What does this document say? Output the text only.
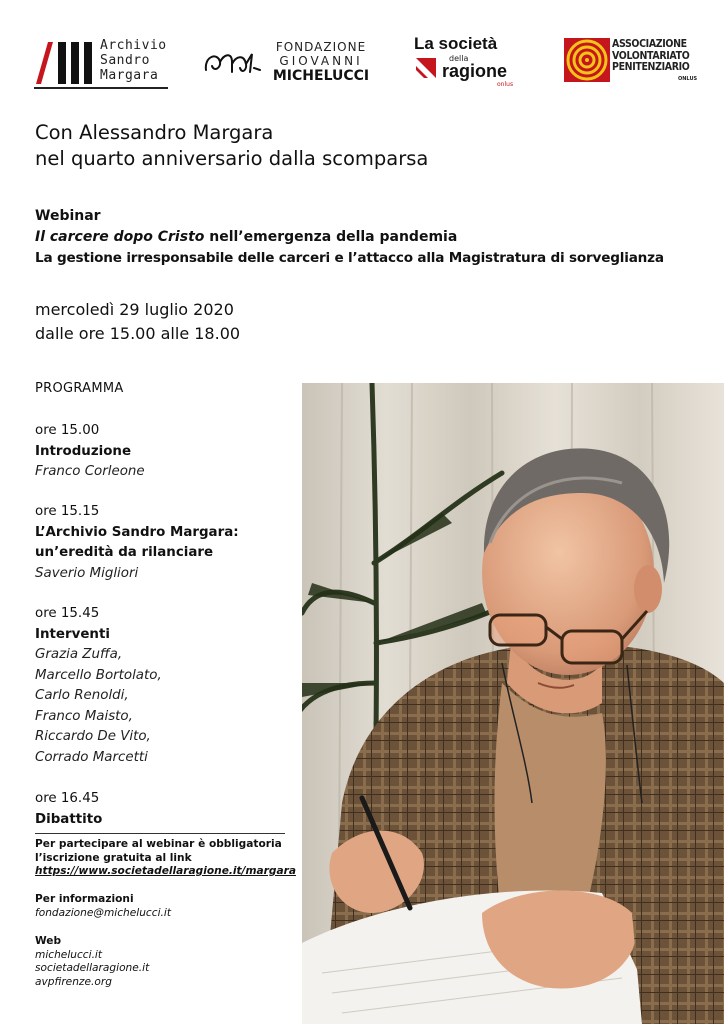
Archivio
Sandro
Margara
FONDAZIONE
GIOVANNI
MICHELUCCI
La società
della
ragione
onlus
ASSOCIAZIONE
VOLONTARIATO
PENITENZIARIO
ONLUS
Con Alessandro Margara
nel quarto anniversario dalla scomparsa
Webinar
Il carcere dopo Cristo nell’emergenza della pandemia
La gestione irresponsabile delle carceri e l’attacco alla Magistratura di sorveglianza
mercoledì 29 luglio 2020
dalle ore 15.00 alle 18.00
PROGRAMMA
ore 15.00
Introduzione
Franco Corleone
ore 15.15
L’Archivio Sandro Margara:
un’eredità da rilanciare
Saverio Migliori
ore 15.45
Interventi
Grazia Zuffa,
Marcello Bortolato,
Carlo Renoldi,
Franco Maisto,
Riccardo De Vito,
Corrado Marcetti
ore 16.45
Dibattito
Per partecipare al webinar è obbligatoria
l’iscrizione gratuita al link
https://www.societadellaragione.it/margara
Per informazioni
fondazione@michelucci.it
Web
michelucci.it
societadellaragione.it
avpfirenze.org
